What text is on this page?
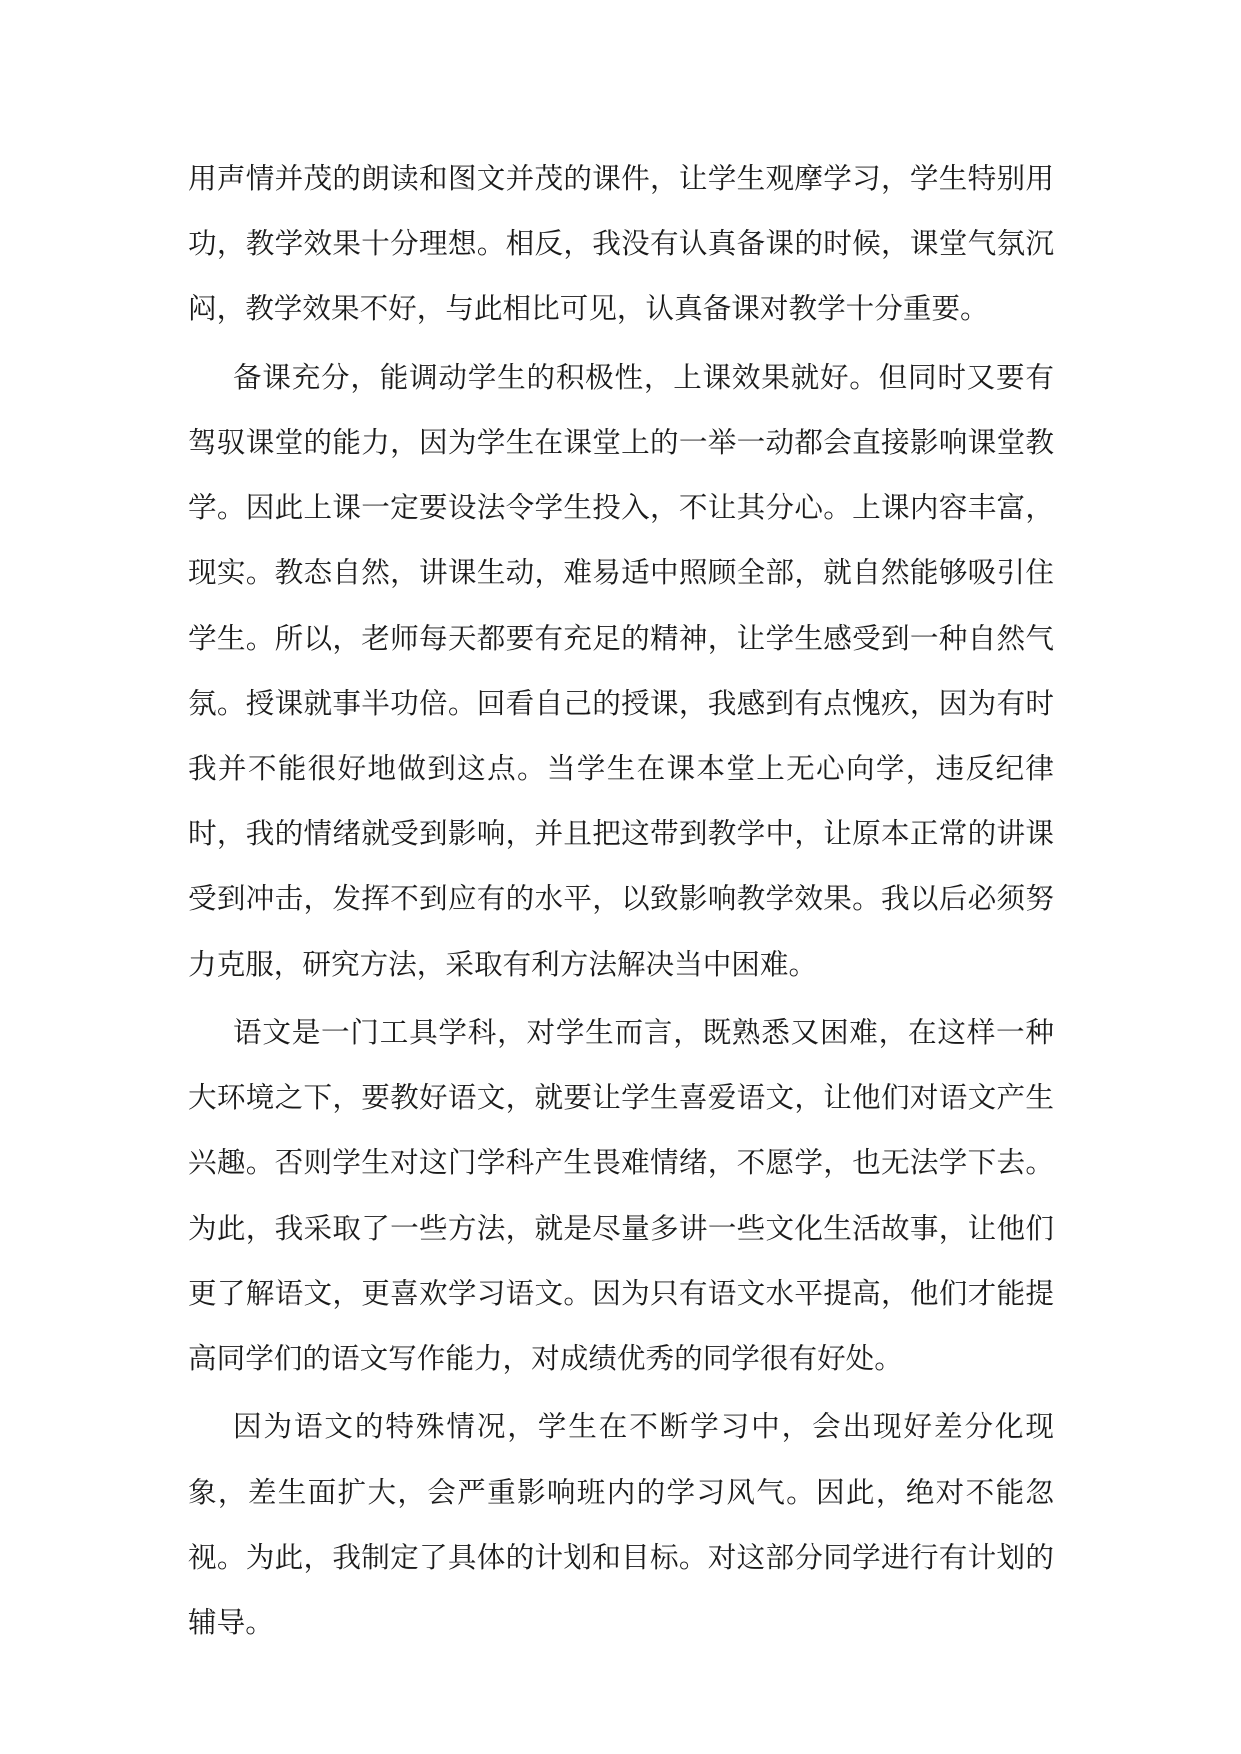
用声情并茂的朗读和图文并茂的课件，让学生观摩学习，学生特别用功，教学效果十分理想。相反，我没有认真备课的时候，课堂气氛沉闷，教学效果不好，与此相比可见，认真备课对教学十分重要。

备课充分，能调动学生的积极性，上课效果就好。但同时又要有驾驭课堂的能力，因为学生在课堂上的一举一动都会直接影响课堂教学。因此上课一定要设法令学生投入，不让其分心。上课内容丰富，现实。教态自然，讲课生动，难易适中照顾全部，就自然能够吸引住学生。所以，老师每天都要有充足的精神，让学生感受到一种自然气氛。授课就事半功倍。回看自己的授课，我感到有点愧疚，因为有时我并不能很好地做到这点。当学生在课本堂上无心向学，违反纪律时，我的情绪就受到影响，并且把这带到教学中，让原本正常的讲课受到冲击，发挥不到应有的水平，以致影响教学效果。我以后必须努力克服，研究方法，采取有利方法解决当中困难。

语文是一门工具学科，对学生而言，既熟悉又困难，在这样一种大环境之下，要教好语文，就要让学生喜爱语文，让他们对语文产生兴趣。否则学生对这门学科产生畏难情绪，不愿学，也无法学下去。为此，我采取了一些方法，就是尽量多讲一些文化生活故事，让他们更了解语文，更喜欢学习语文。因为只有语文水平提高，他们才能提高同学们的语文写作能力，对成绩优秀的同学很有好处。

因为语文的特殊情况，学生在不断学习中，会出现好差分化现象，差生面扩大，会严重影响班内的学习风气。因此，绝对不能忽视。为此，我制定了具体的计划和目标。对这部分同学进行有计划的辅导。
